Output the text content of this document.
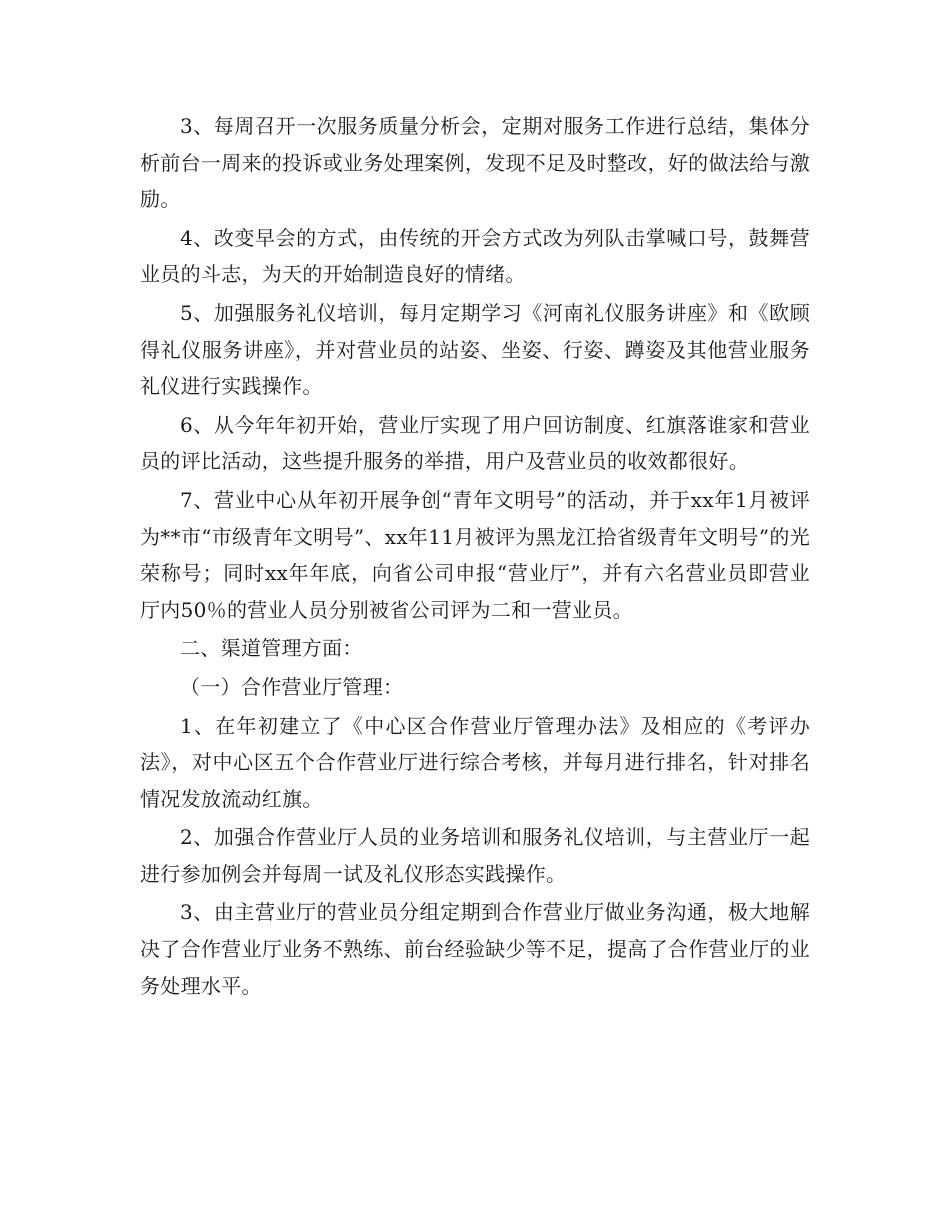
3、每周召开一次服务质量分析会，定期对服务工作进行总结，集体分析前台一周来的投诉或业务处理案例，发现不足及时整改，好的做法给与激励。

4、改变早会的方式，由传统的开会方式改为列队击掌喊口号，鼓舞营业员的斗志，为天的开始制造良好的情绪。

5、加强服务礼仪培训，每月定期学习《河南礼仪服务讲座》和《欧顾得礼仪服务讲座》，并对营业员的站姿、坐姿、行姿、蹲姿及其他营业服务礼仪进行实践操作。

6、从今年年初开始，营业厅实现了用户回访制度、红旗落谁家和营业员的评比活动，这些提升服务的举措，用户及营业员的收效都很好。

7、营业中心从年初开展争创“青年文明号”的活动，并于xx年1月被评为**市“市级青年文明号”、xx年11月被评为黑龙江拾省级青年文明号”的光荣称号；同时xx年年底，向省公司申报“营业厅”，并有六名营业员即营业厅内50％的营业人员分别被省公司评为二和一营业员。

二、渠道管理方面：

（一）合作营业厅管理：

1、在年初建立了《中心区合作营业厅管理办法》及相应的《考评办法》，对中心区五个合作营业厅进行综合考核，并每月进行排名，针对排名情况发放流动红旗。

2、加强合作营业厅人员的业务培训和服务礼仪培训，与主营业厅一起进行参加例会并每周一试及礼仪形态实践操作。

3、由主营业厅的营业员分组定期到合作营业厅做业务沟通，极大地解决了合作营业厅业务不熟练、前台经验缺少等不足，提高了合作营业厅的业务处理水平。
